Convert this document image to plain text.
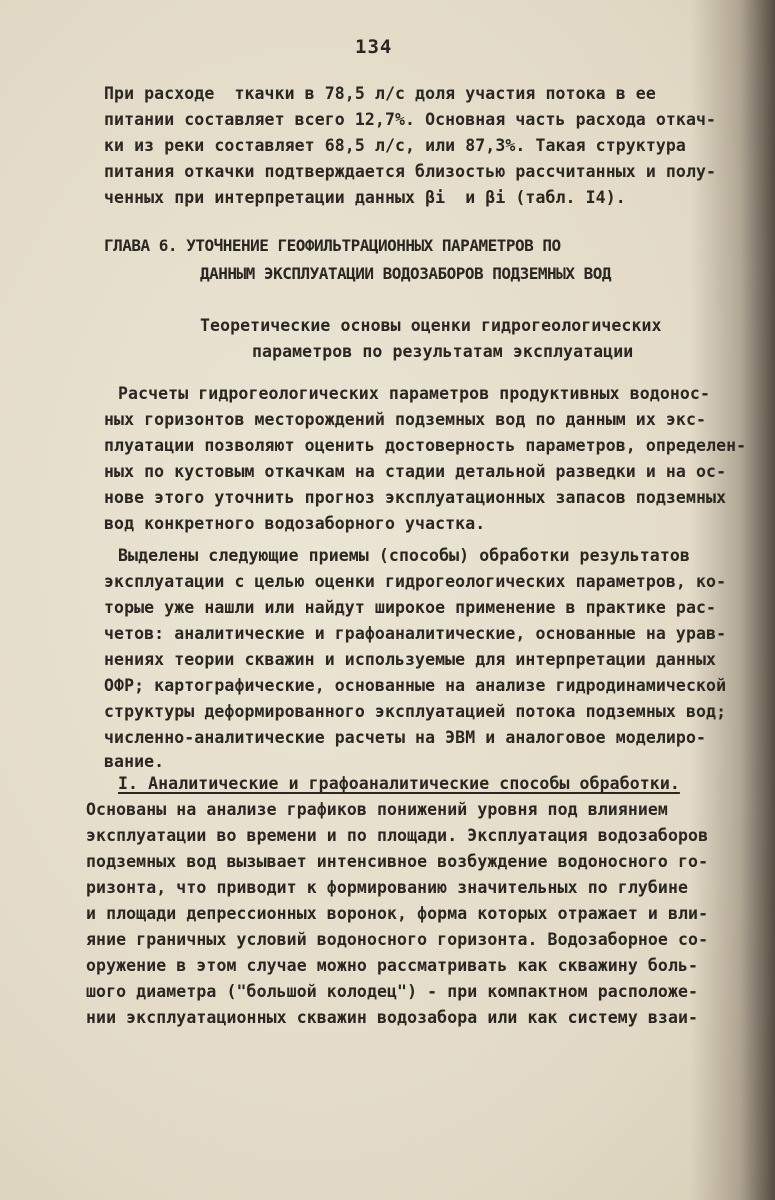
134
При расходе  ткачки в 78,5 л/с доля участия потока в ее
питании составляет всего 12,7%. Основная часть расхода откач-
ки из реки составляет 68,5 л/с, или 87,3%. Такая структура
питания откачки подтверждается близостью рассчитанных и полу-
ченных при интерпретации данных βi  и βi (табл. I4).
ГЛАВА 6. УТОЧНЕНИЕ ГЕОФИЛЬТРАЦИОННЫХ ПАРАМЕТРОВ ПО
ДАННЫМ ЭКСПЛУАТАЦИИ ВОДОЗАБОРОВ ПОДЗЕМНЫХ ВОД
Теоретические основы оценки гидрогеологических
параметров по результатам эксплуатации
Расчеты гидрогеологических параметров продуктивных водонос-
ных горизонтов месторождений подземных вод по данным их экс-
плуатации позволяют оценить достоверность параметров, определен-
ных по кустовым откачкам на стадии детальной разведки и на ос-
нове этого уточнить прогноз эксплуатационных запасов подземных
вод конкретного водозаборного участка.
Выделены следующие приемы (способы) обработки результатов
эксплуатации с целью оценки гидрогеологических параметров, ко-
торые уже нашли или найдут широкое применение в практике рас-
четов: аналитические и графоаналитические, основанные на урав-
нениях теории скважин и используемые для интерпретации данных
ОФР; картографические, основанные на анализе гидродинамической
структуры деформированного эксплуатацией потока подземных вод;
численно-аналитические расчеты на ЭВМ и аналоговое моделиро-
вание.
I. Аналитические и графоаналитические способы обработки.
Основаны на анализе графиков понижений уровня под влиянием
эксплуатации во времени и по площади. Эксплуатация водозаборов
подземных вод вызывает интенсивное возбуждение водоносного го-
ризонта, что приводит к формированию значительных по глубине
и площади депрессионных воронок, форма которых отражает и вли-
яние граничных условий водоносного горизонта. Водозаборное со-
оружение в этом случае можно рассматривать как скважину боль-
шого диаметра ("большой колодец") - при компактном расположе-
нии эксплуатационных скважин водозабора или как систему взаи-
